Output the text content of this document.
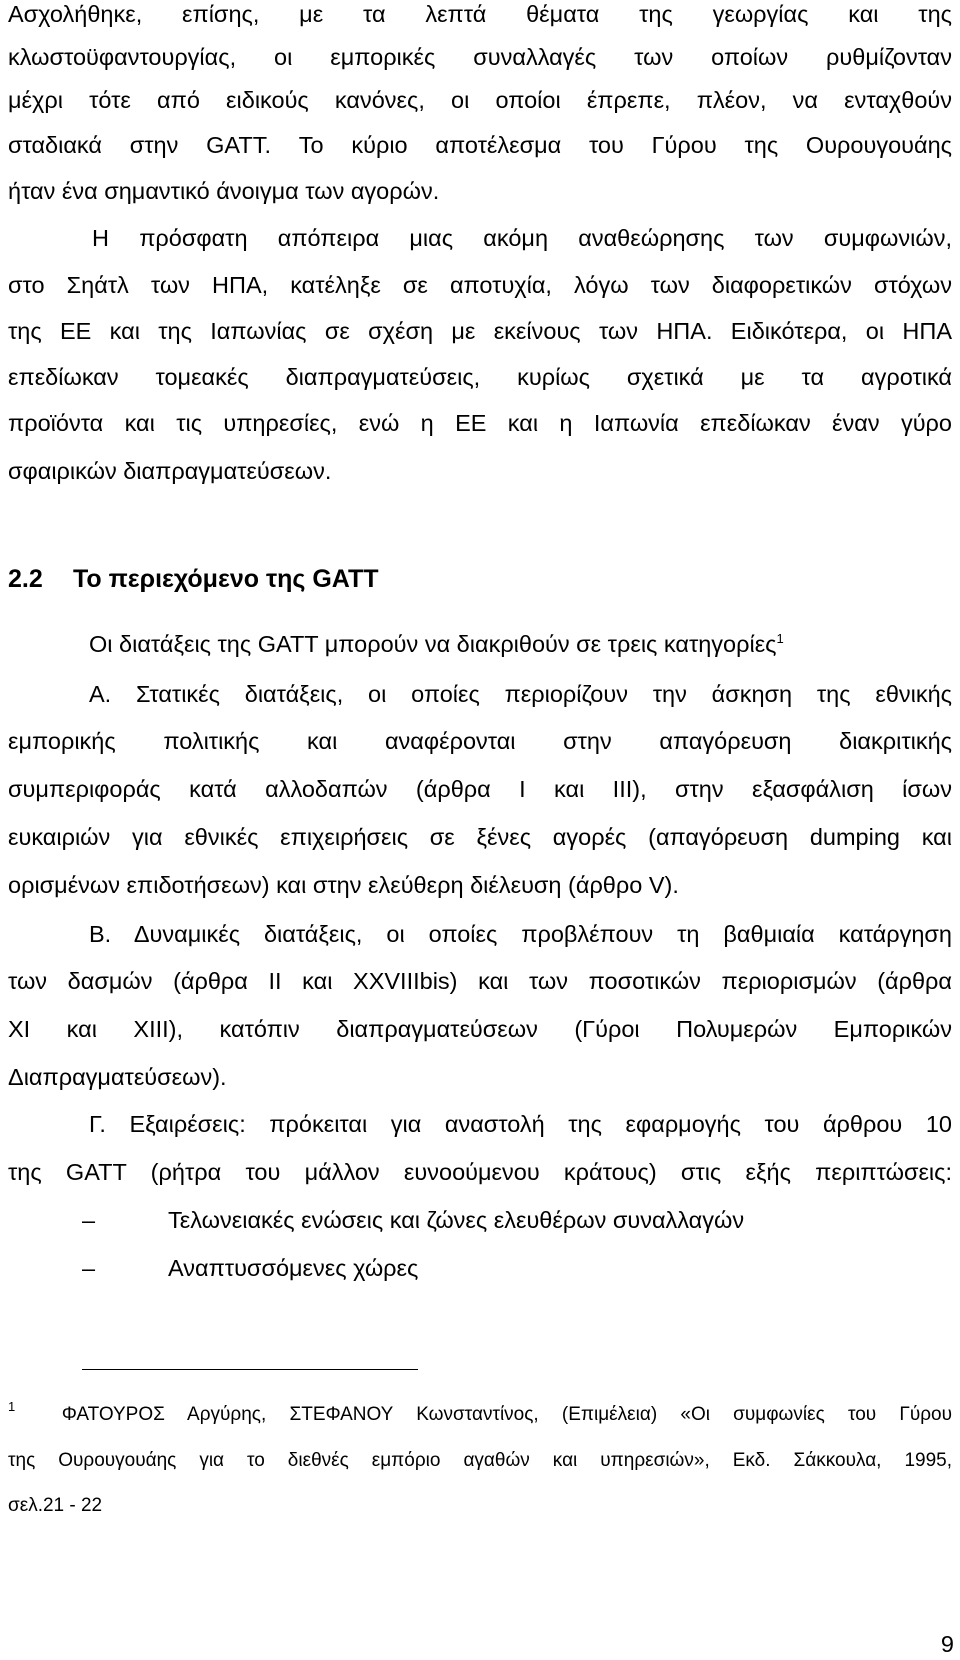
Ασχολήθηκε, επίσης, με τα λεπτά θέματα της γεωργίας και της
κλωστοϋφαντουργίας, οι εμπορικές συναλλαγές των οποίων ρυθμίζονταν
μέχρι τότε από ειδικούς κανόνες, οι οποίοι έπρεπε, πλέον, να ενταχθούν
σταδιακά στην GATT. Το κύριο αποτέλεσμα του Γύρου της Ουρουγουάης
ήταν ένα σημαντικό άνοιγμα των αγορών.
Η πρόσφατη απόπειρα μιας ακόμη αναθεώρησης των συμφωνιών,
στο Σηάτλ των ΗΠΑ, κατέληξε σε αποτυχία, λόγω των διαφορετικών στόχων
της ΕΕ και της Ιαπωνίας σε σχέση με εκείνους των ΗΠΑ. Ειδικότερα, οι ΗΠΑ
επεδίωκαν τομεακές διαπραγματεύσεις, κυρίως σχετικά με τα αγροτικά
προϊόντα και τις υπηρεσίες, ενώ η ΕΕ και η Ιαπωνία επεδίωκαν έναν γύρο
σφαιρικών διαπραγματεύσεων.
2.2 Το περιεχόμενο της GATT
Οι διατάξεις της GATT μπορούν να διακριθούν σε τρεις κατηγορίες$^1$
Α. Στατικές διατάξεις, οι οποίες περιορίζουν την άσκηση της εθνικής
εμπορικής πολιτικής και αναφέρονται στην απαγόρευση διακριτικής
συμπεριφοράς κατά αλλοδαπών (άρθρα Ι και ΙΙΙ), στην εξασφάλιση ίσων
ευκαιριών για εθνικές επιχειρήσεις σε ξένες αγορές (απαγόρευση dumping και
ορισμένων επιδοτήσεων) και στην ελεύθερη διέλευση (άρθρο V).
Β. Δυναμικές διατάξεις, οι οποίες προβλέπουν τη βαθμιαία κατάργηση
των δασμών (άρθρα ΙΙ και XXVIIIbis) και των ποσοτικών περιορισμών (άρθρα
XI και XIII), κατόπιν διαπραγματεύσεων (Γύροι Πολυμερών Εμπορικών
Διαπραγματεύσεων).
Γ. Εξαιρέσεις: πρόκειται για αναστολή της εφαρμογής του άρθρου 10
της GATT (ρήτρα του μάλλον ευνοούμενου κράτους) στις εξής περιπτώσεις:
–	Τελωνειακές ενώσεις και ζώνες ελευθέρων συναλλαγών
–	Αναπτυσσόμενες χώρες
$^1$ ΦΑΤΟΥΡΟΣ Αργύρης, ΣΤΕΦΑΝΟΥ Κωνσταντίνος, (Επιμέλεια) «Οι συμφωνίες του Γύρου
της Ουρουγουάης για το διεθνές εμπόριο αγαθών και υπηρεσιών», Εκδ. Σάκκουλα, 1995,
σελ.21 - 22
9
